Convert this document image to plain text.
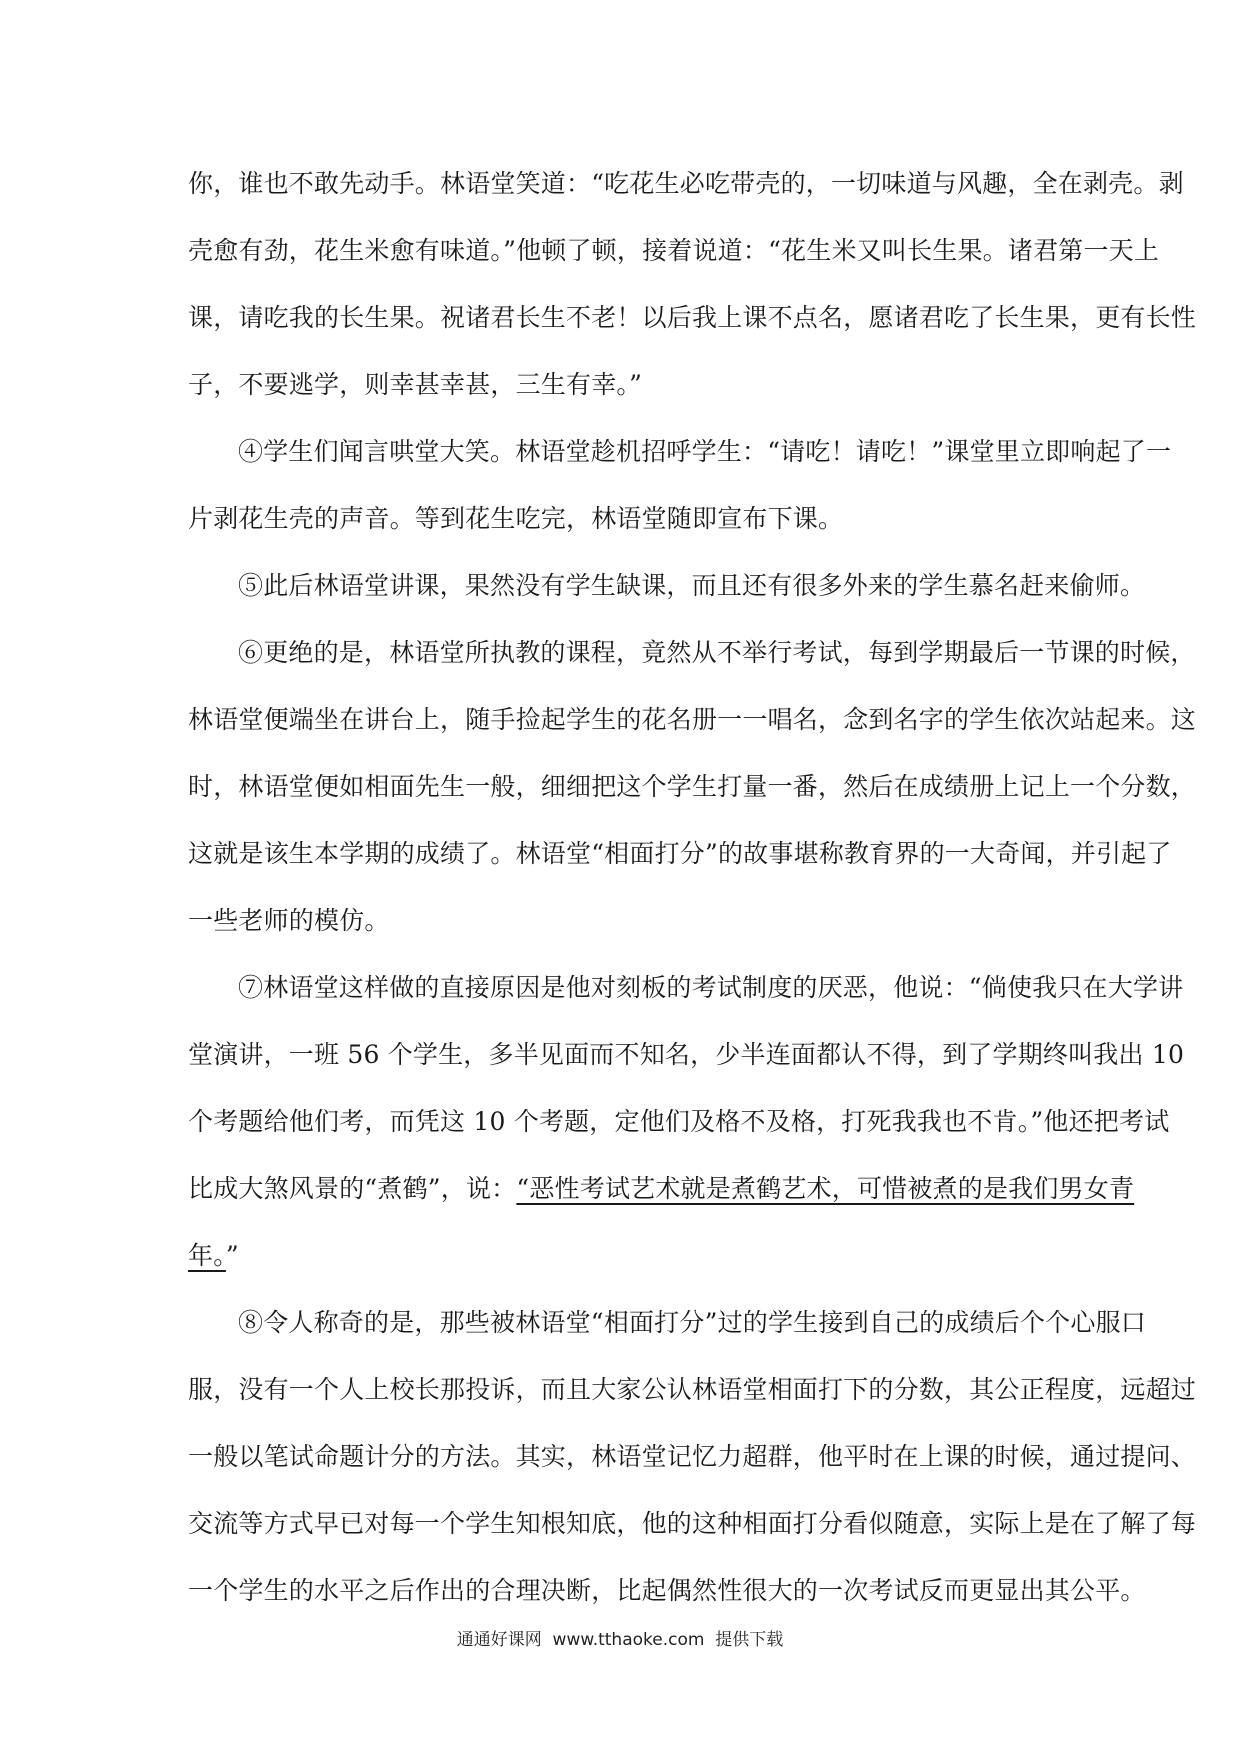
你，谁也不敢先动手。林语堂笑道：“吃花生必吃带壳的，一切味道与风趣，全在剥壳。剥
壳愈有劲，花生米愈有味道。”他顿了顿，接着说道：“花生米又叫长生果。诸君第一天上
课，请吃我的长生果。祝诸君长生不老！以后我上课不点名，愿诸君吃了长生果，更有长性
子，不要逃学，则幸甚幸甚，三生有幸。”
④学生们闻言哄堂大笑。林语堂趁机招呼学生：“请吃！请吃！”课堂里立即响起了一
片剥花生壳的声音。等到花生吃完，林语堂随即宣布下课。
⑤此后林语堂讲课，果然没有学生缺课，而且还有很多外来的学生慕名赶来偷师。
⑥更绝的是，林语堂所执教的课程，竟然从不举行考试，每到学期最后一节课的时候，
林语堂便端坐在讲台上，随手捡起学生的花名册一一唱名，念到名字的学生依次站起来。这
时，林语堂便如相面先生一般，细细把这个学生打量一番，然后在成绩册上记上一个分数，
这就是该生本学期的成绩了。林语堂“相面打分”的故事堪称教育界的一大奇闻，并引起了
一些老师的模仿。
⑦林语堂这样做的直接原因是他对刻板的考试制度的厌恶，他说：“倘使我只在大学讲
堂演讲，一班 56 个学生，多半见面而不知名，少半连面都认不得，到了学期终叫我出 10
个考题给他们考，而凭这 10 个考题，定他们及格不及格，打死我我也不肯。”他还把考试
比成大煞风景的“煮鹤”，说：“恶性考试艺术就是煮鹤艺术，可惜被煮的是我们男女青
年。”
⑧令人称奇的是，那些被林语堂“相面打分”过的学生接到自己的成绩后个个心服口
服，没有一个人上校长那投诉，而且大家公认林语堂相面打下的分数，其公正程度，远超过
一般以笔试命题计分的方法。其实，林语堂记忆力超群，他平时在上课的时候，通过提问、
交流等方式早已对每一个学生知根知底，他的这种相面打分看似随意，实际上是在了解了每
一个学生的水平之后作出的合理决断，比起偶然性很大的一次考试反而更显出其公平。
通通好课网  www.tthaoke.com  提供下载
